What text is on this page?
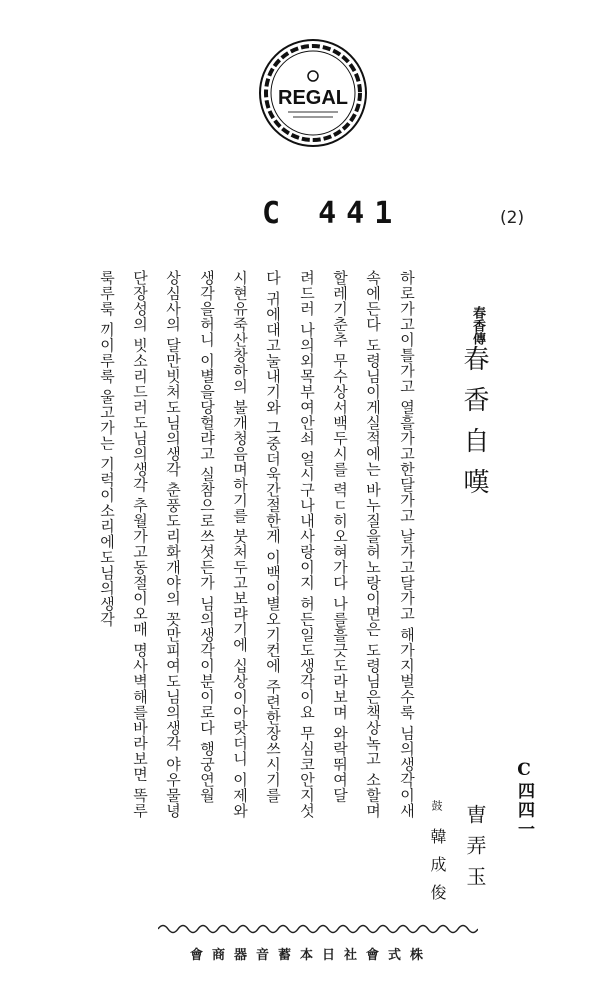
REGAL
C 441	(2)
C四四一
春香傳
春香自嘆
鼓 曺弄玉
韓成俊
하로가고이틀가고 열흘가고한달가고 날가고달가고 해가지벌수룩 님의생각이새
속에든다 도령님이게실적에는 바누질을허노랑이면은 도령님은책상녹고 소할며
할레기춘추 무수상서백두시를 력ㄷ히오혀가다 나를흘긋도라보며 와락뛰여달
려드러 나의외목부여안쇠 얼시구나내사랑이지 허든일도생각이요 무심코안지섯
다 귀에대고눌내기와 그중더욱간절한게 이백이별오기컨에 주련한장쓰시기를
시현유죽산창하의 불개청음며하기를 붓처두고보랴기에 십상이아랏더니 이제와
생각을허니 이별을당헐랴고 실참으로쓰셧든가 님의생각이분이로다 행궁연월
상심사의 달만빗처도님의생각 춘풍도리화개야의 꼿만피여도님의생각 야우물녕
단장성의 빗소리드러도님의생각 추월가고동절이오매 명사벽해를바라보면 똑루
룩루룩 끼이루룩 울고가는 기럭이소리에도님의생각
株式會社日本蓄音器商會
